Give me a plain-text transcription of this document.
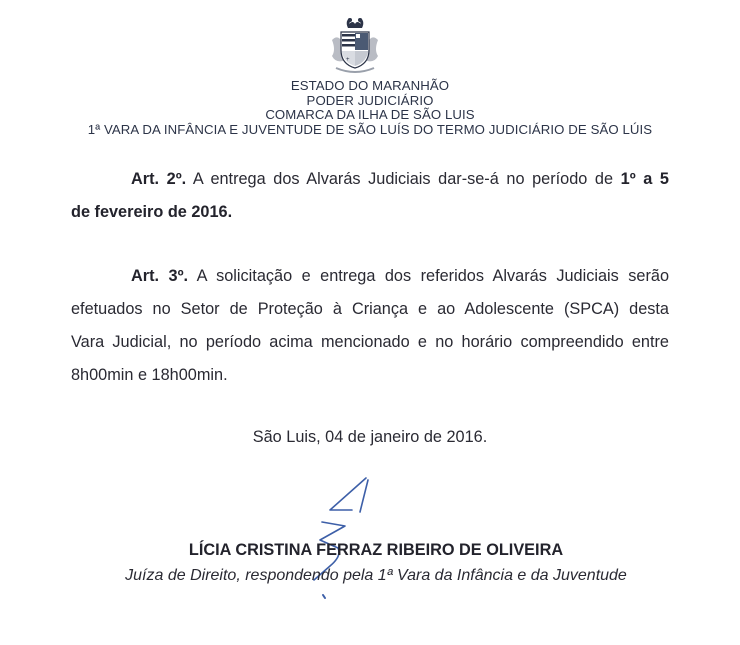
+
ESTADO DO MARANHÃO
PODER JUDICIÁRIO
COMARCA DA ILHA DE SÃO LUIS
1ª VARA DA INFÂNCIA E JUVENTUDE DE SÃO LUÍS DO TERMO JUDICIÁRIO DE SÃO LÚIS
Art. 2º. A entrega dos Alvarás Judiciais dar-se-á no período de 1º a 5
de fevereiro de 2016.
Art. 3º. A solicitação e entrega dos referidos Alvarás Judiciais serão
efetuados no Setor de Proteção à Criança e ao Adolescente (SPCA) desta
Vara Judicial, no período acima mencionado e no horário compreendido entre
8h00min e 18h00min.
São Luis, 04 de janeiro de 2016.
LÍCIA CRISTINA FERRAZ RIBEIRO DE OLIVEIRA
Juíza de Direito, respondendo pela 1ª Vara da Infância e da Juventude
